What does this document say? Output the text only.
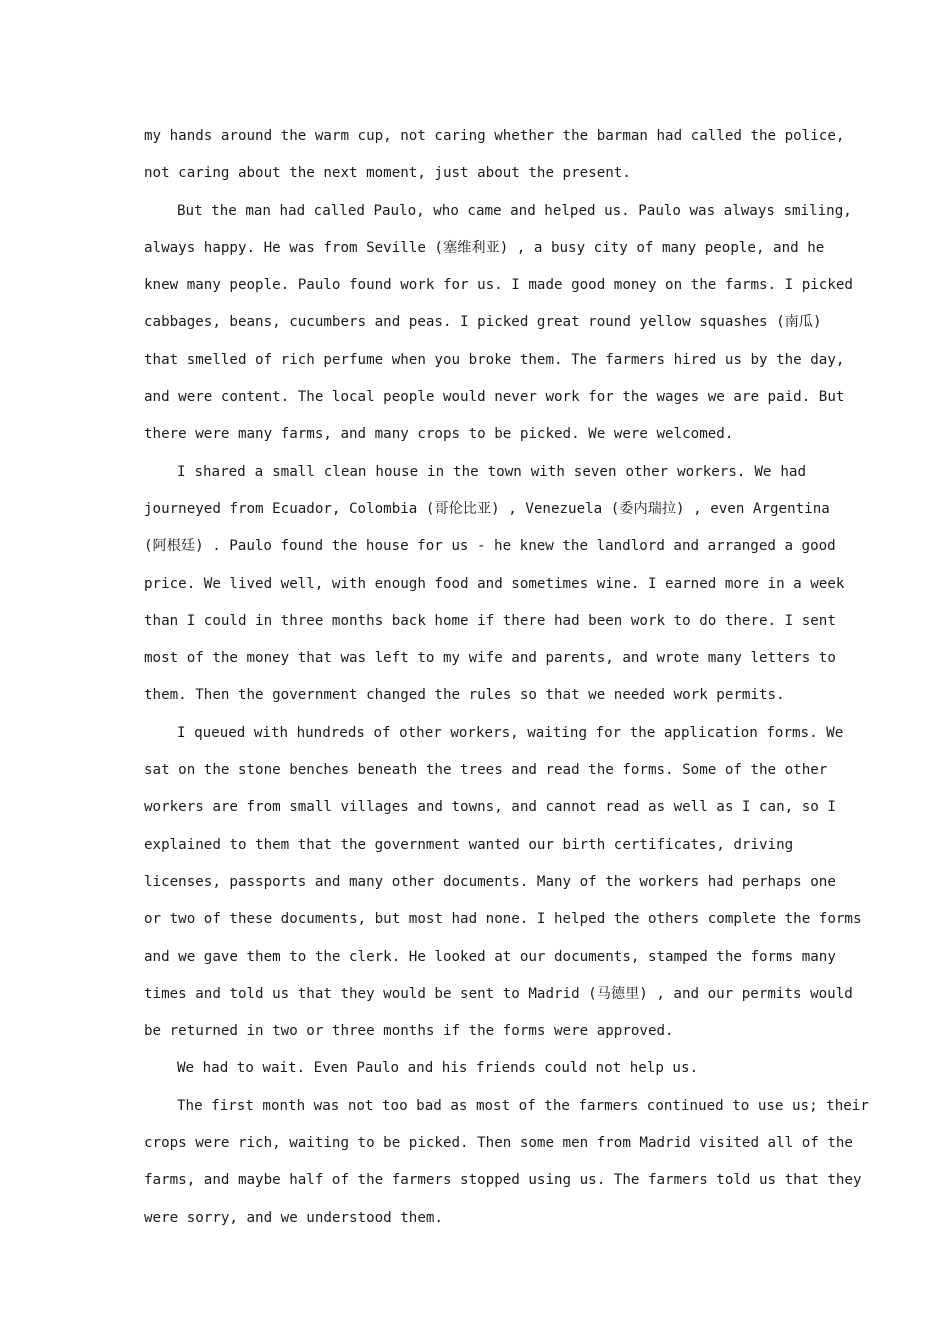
my hands around the warm cup, not caring whether the barman had called the police,
not caring about the next moment, just about the present.
But the man had called Paulo, who came and helped us. Paulo was always smiling,
always happy. He was from Seville (塞维利亚) , a busy city of many people, and he
knew many people. Paulo found work for us. I made good money on the farms. I picked
cabbages, beans, cucumbers and peas. I picked great round yellow squashes (南瓜)
that smelled of rich perfume when you broke them. The farmers hired us by the day,
and were content. The local people would never work for the wages we are paid. But
there were many farms, and many crops to be picked. We were welcomed.
I shared a small clean house in the town with seven other workers. We had
journeyed from Ecuador, Colombia (哥伦比亚) , Venezuela (委内瑞拉) , even Argentina
(阿根廷) . Paulo found the house for us - he knew the landlord and arranged a good
price. We lived well, with enough food and sometimes wine. I earned more in a week
than I could in three months back home if there had been work to do there. I sent
most of the money that was left to my wife and parents, and wrote many letters to
them. Then the government changed the rules so that we needed work permits.
I queued with hundreds of other workers, waiting for the application forms. We
sat on the stone benches beneath the trees and read the forms. Some of the other
workers are from small villages and towns, and cannot read as well as I can, so I
explained to them that the government wanted our birth certificates, driving
licenses, passports and many other documents. Many of the workers had perhaps one
or two of these documents, but most had none. I helped the others complete the forms
and we gave them to the clerk. He looked at our documents, stamped the forms many
times and told us that they would be sent to Madrid (马德里) , and our permits would
be returned in two or three months if the forms were approved.
We had to wait. Even Paulo and his friends could not help us.
The first month was not too bad as most of the farmers continued to use us; their
crops were rich, waiting to be picked. Then some men from Madrid visited all of the
farms, and maybe half of the farmers stopped using us. The farmers told us that they
were sorry, and we understood them.
